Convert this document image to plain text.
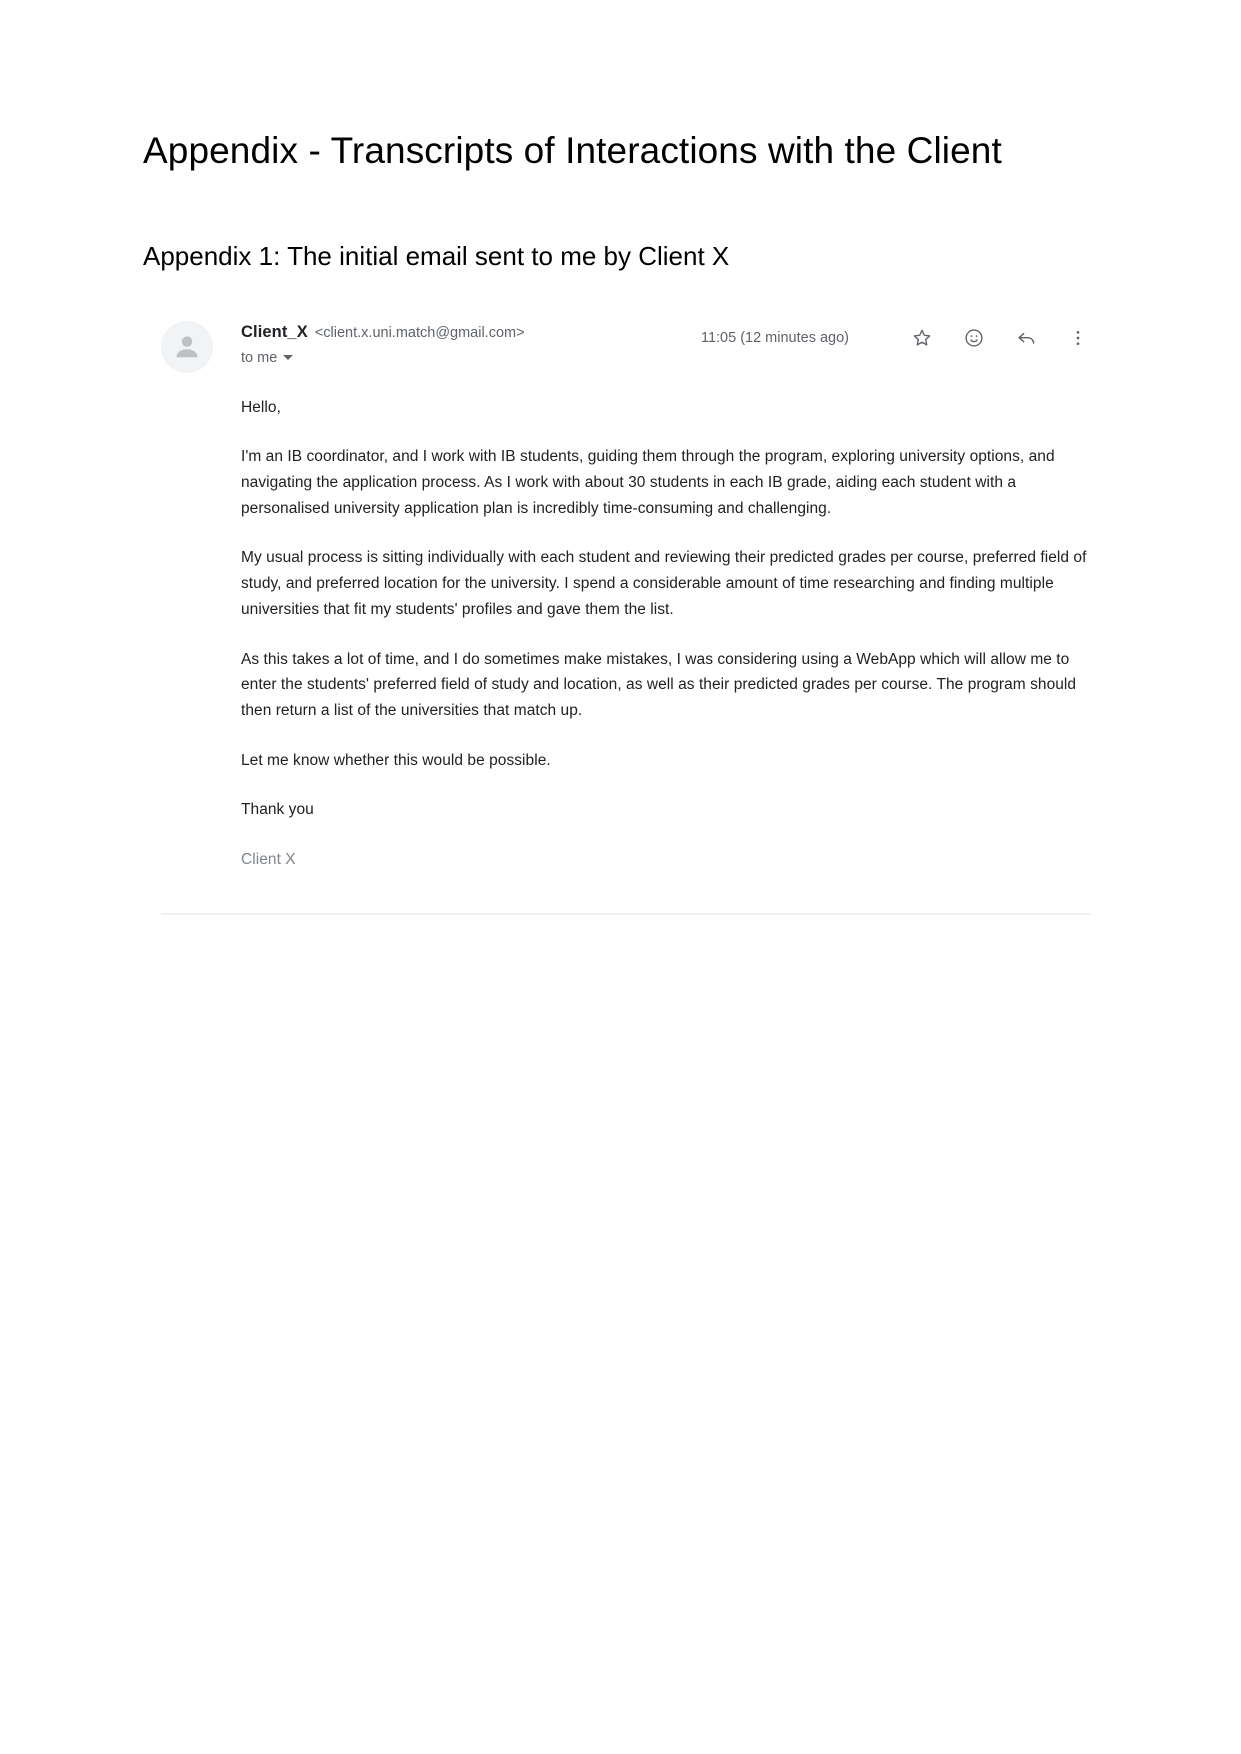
Appendix - Transcripts of Interactions with the Client
Appendix 1: The initial email sent to me by Client X
Client_X <client.x.uni.match@gmail.com>
to me
11:05 (12 minutes ago)

Hello,

I'm an IB coordinator, and I work with IB students, guiding them through the program, exploring university options, and navigating the application process. As I work with about 30 students in each IB grade, aiding each student with a personalised university application plan is incredibly time-consuming and challenging.

My usual process is sitting individually with each student and reviewing their predicted grades per course, preferred field of study, and preferred location for the university. I spend a considerable amount of time researching and finding multiple universities that fit my students' profiles and gave them the list.

As this takes a lot of time, and I do sometimes make mistakes, I was considering using a WebApp which will allow me to enter the students' preferred field of study and location, as well as their predicted grades per course. The program should then return a list of the universities that match up.

Let me know whether this would be possible.

Thank you

Client X
